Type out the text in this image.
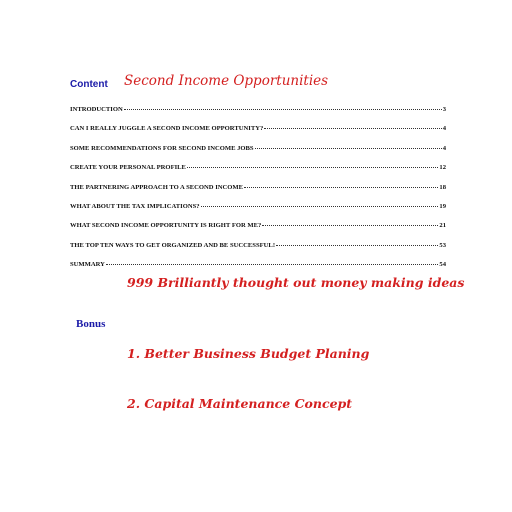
Content Second Income Opportunities
INTRODUCTION	3
CAN I REALLY JUGGLE A SECOND INCOME OPPORTUNITY?	4
SOME RECOMMENDATIONS FOR SECOND INCOME JOBS	4
CREATE YOUR PERSONAL PROFILE	12
THE PARTNERING APPROACH TO A SECOND INCOME	18
WHAT ABOUT THE TAX IMPLICATIONS?	19
WHAT SECOND INCOME OPPORTUNITY IS RIGHT FOR ME?	21
THE TOP TEN WAYS TO GET ORGANIZED AND BE SUCCESSFUL!	53
SUMMARY	54
999 Brilliantly thought out money making ideas
Bonus
1. Better Business Budget Planing
2. Capital Maintenance Concept
